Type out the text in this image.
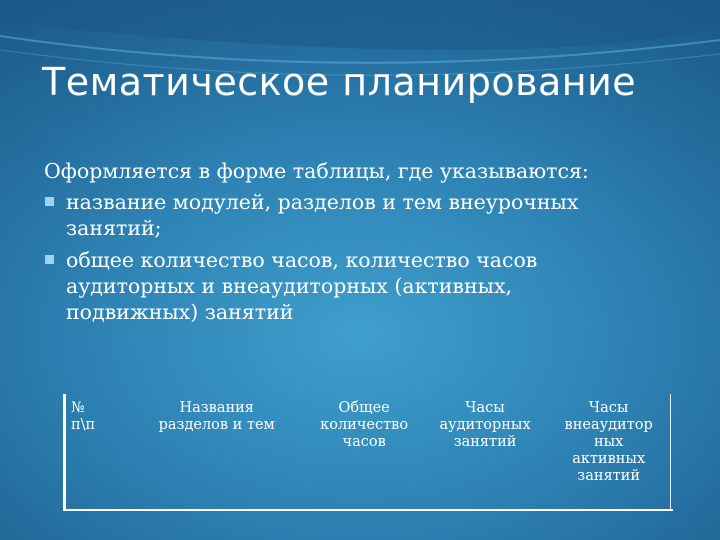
Тематическое планирование

Оформляется в форме таблицы, где указываются:

название модулей, разделов и тем внеурочных
занятий;
общее количество часов, количество часов
аудиторных и внеаудиторных (активных,
подвижных) занятий
№
п\п

Названия
разделов и тем

Общее
количество
часов

Часы
аудиторных
занятий

Часы
внеаудитор
ных
активных
занятий
